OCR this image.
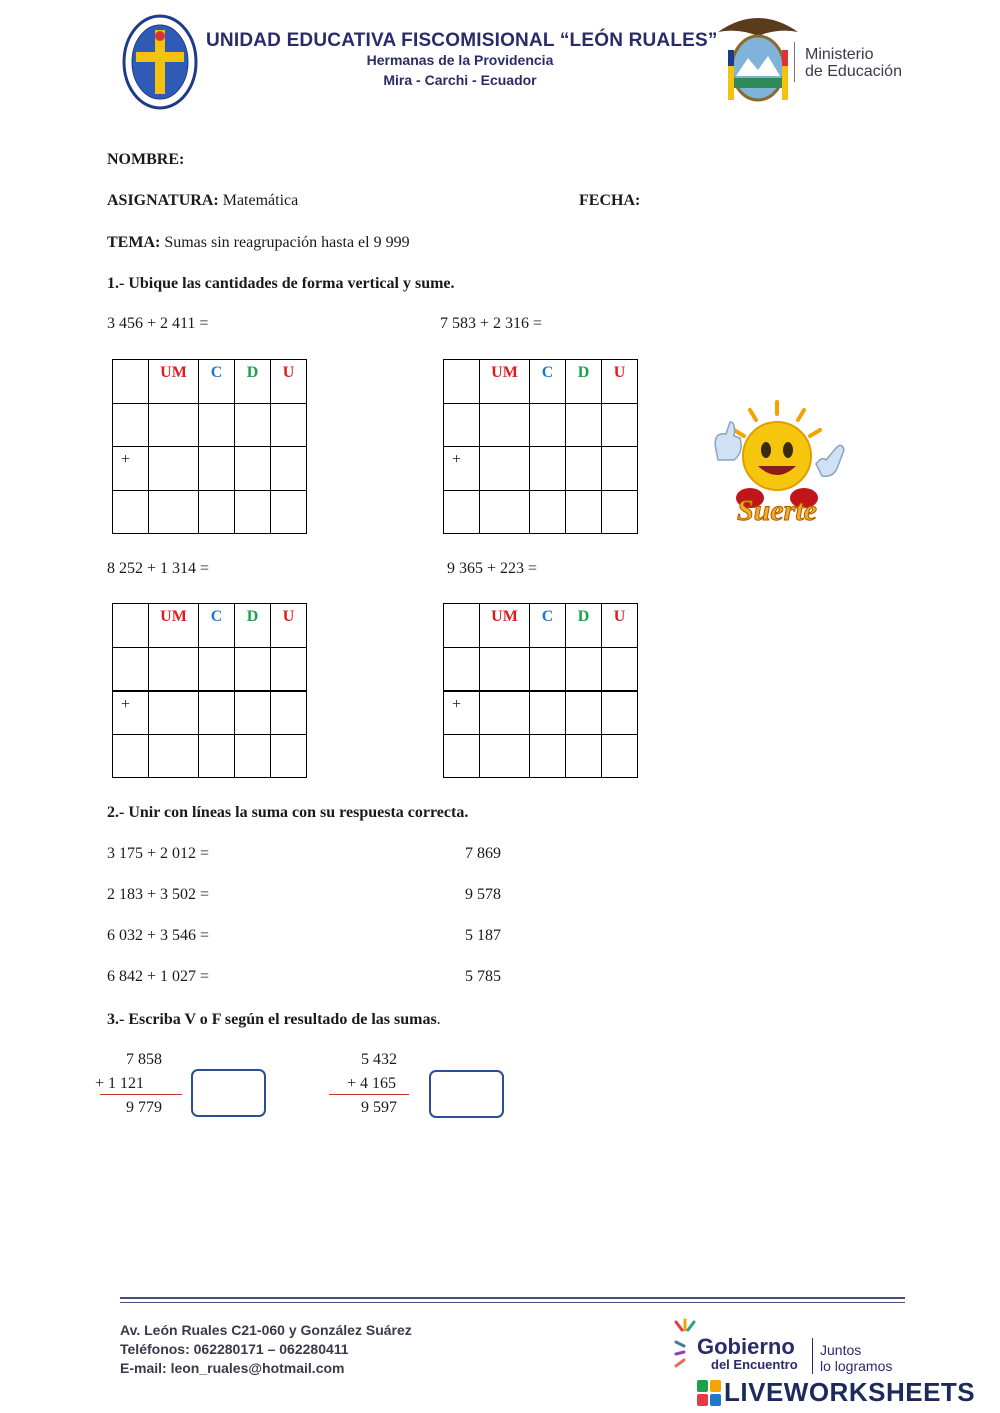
UNIDAD EDUCATIVA FISCOMISIONAL “LEÓN RUALES”
Hermanas de la Providencia
Mira - Carchi - Ecuador
Ministerio
de Educación
NOMBRE:
ASIGNATURA: Matemática	FECHA:
TEMA: Sumas sin reagrupación hasta el 9 999
1.- Ubique las cantidades de forma vertical y sume.
3 456 + 2 411 =	7 583 + 2 316 =
	UM	C	D	U

+				

	UM	C	D	U

+				

Suerte
8 252 + 1 314 =	9 365 + 223 =
	UM	C	D	U

+				

	UM	C	D	U

+				

2.- Unir con líneas la suma con su respuesta correcta.
3 175 + 2 012 =	7 869
2 183 + 3 502 =	9 578
6 032 + 3 546 =	5 187
6 842 + 1 027 =	5 785
3.- Escriba V o F según el resultado de las sumas.
7 858
+ 1 121
9 779
5 432
+ 4 165
9 597
Av. León Ruales C21-060 y González Suárez
Teléfonos: 062280171 – 062280411
E-mail: leon_ruales@hotmail.com
Gobierno
del Encuentro
Juntos
lo logramos
LIVEWORKSHEETS
